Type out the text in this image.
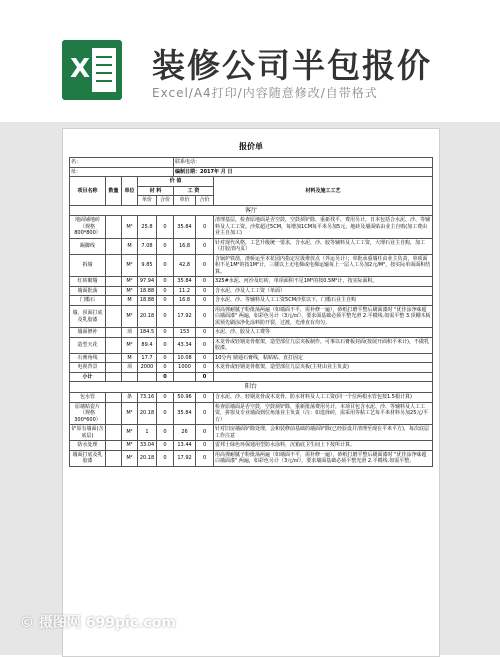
X 装修公司半包报价
Excel/A4打印/内容随意修改/自带格式
报价单
名：					联系电话：		
址：					编制日期：2017年 月 日		
项目名称	数量	单位	价 值				材料及施工工艺
			材 料		工 资		
			单价	合价	单价	合价	
客厅							
地面铺地砖（规格800*800）		M²	25.8	0	35.84	0	清理基层，检查原地面是否空鼓，空鼓须铲除，重新找平，费用另计，日本包括合水泥、沙、等辅料及人工工资。沙浆超过5CM，每增加1CM每平米另加5元，地砖及墙面贴由业主自购(加工费由业主自加工)
踢脚线		M	7.08	0	16.8	0	针对现代风格，工艺升级统一要求，含水泥、沙、胶等辅料及人工工资，大理石业主自购，加工（打胶清内页）
拆墙		M²	9.85	0	42.8	0	含锅炉铁凿，渣桥运至本花园内指定垃圾堆放点（外运另计）；单批承重墙任由业主负责，单项面积不足1M²的按1M²计，三楼以上无电梯或电梯运输每上一层人工另加2元/M²，按实际单面面积结算。
红砖砌墙		M²	97.94	0	35.84	0	325#水泥、河沙及红砖，单项面积不足1M²的按0.5M²计，按实际面积。
墙面批荡		M²	18.88	0	11.2	0	含水泥、沙及人工工资（单面）
门槛石		M	18.88	0	16.8	0	含水泥、沙、等辅料及人工工资5CM沙浆以下，门槛石业主自购
墙、顶面打底及乳胶漆		M²	20.18	0	17.92	0	用高弹耐腻子粉批荡两遍（如墙面不平，需补修一遍），砂纸打磨平整后刷面漆时 "优佳涂净味超白墙面漆" 两遍，如彩色另计（3元/㎡），要求面基础必须平整光滑 2.平模线.如需平整 3.顶棚木板需预先刷涂净化涂料防开裂，过渡，光滑直有均匀。
墙面修补		项	184.5	0	153	0	水泥、沙、胶及人工费等
造型天花		M²	89.4	0	43.34	0	木龙骨或轻钢龙骨框架，造型部位九层夹板制作，可事以石膏板封面(按展开面积平米计)，不做乳胶漆。
石膏角线		M	17.7	0	10.08	0	10分内 鼎通石膏线，粘贴贴、直打固定
电视背景		项	2000	0	1000	0	木龙骨或轻钢龙骨框架，造型部位九层夹板(主材由业主负责)
小计				0		0	
阳台							
包水管		条	73.16	0	50.96	0	含水泥、沙、轻钢龙骨或木龙骨、防水材料及人工工资(同一个位两根水管包按1.5根计算)
原墙贴瓷片（规格300*600）		M²	20.18	0	35.84	0	检查原墙面是否空鼓，空鼓须铲除，重新批荡费用另计，本项目包含水泥、沙、等辅料及人工工资，拼窗及专业墙面到位角落业主负责（注：如选择砖，需采用等粘工艺每平米材料另加25元/平方）
铲原有墙面(含底层)		M²	1	0	26	0	针对旧房墙面铲除处理，会和装修前基础的墙面铲除(已经验设并清理至现在平米平方)，每次底层工作注意
防水处理		M²	33.04	0	13.44	0	雷邦士绿色环保通用型防水涂料，沉箱底卫生间上下按所计算。
墙面打底及乳胶漆		M²	20.18	0	17.92	0	用高弹耐腻子粉批荡两遍（如墙面不平，需补修一遍），砂纸打磨平整后刷面漆时 "优佳涂净味超白墙面漆" 两遍，如彩色另计（3元/㎡），要求墙面基础必须平整光滑 2.平模线.如需平整。
© 摄图网 699pic.com
